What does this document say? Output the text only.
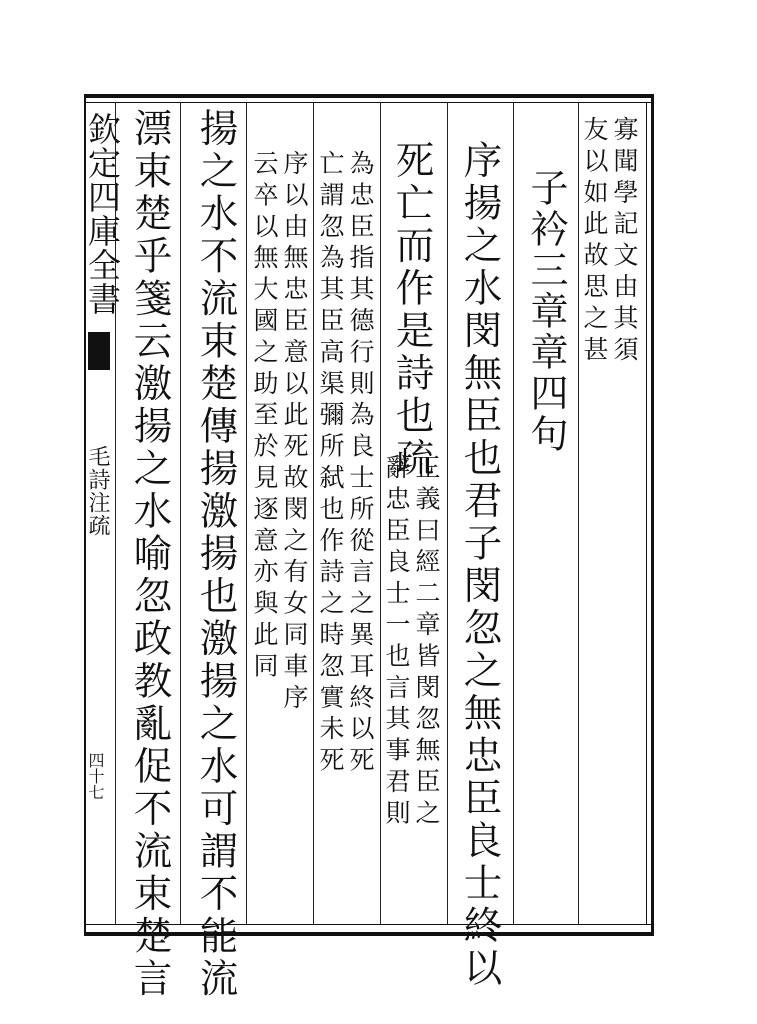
欽定四庫全書
毛詩注疏
四十七
寡聞學記文由其須
友以如此故思之甚
子衿三章章四句
序揚之水閔無臣也君子閔忽之無忠臣良士終以
死亡而作是詩也疏
正義曰經二章皆閔忽無臣之
辭忠臣良士一也言其事君則
為忠臣指其德行則為良士所從言之異耳終以死
亡謂忽為其臣高渠彌所弑也作詩之時忽實未死
序以由無忠臣意以此死故閔之有女同車序
云卒以無大國之助至於見逐意亦與此同
揚之水不流束楚傳揚激揚也激揚之水可謂不能流
漂束楚乎箋云激揚之水喻忽政教亂促不流束楚言
